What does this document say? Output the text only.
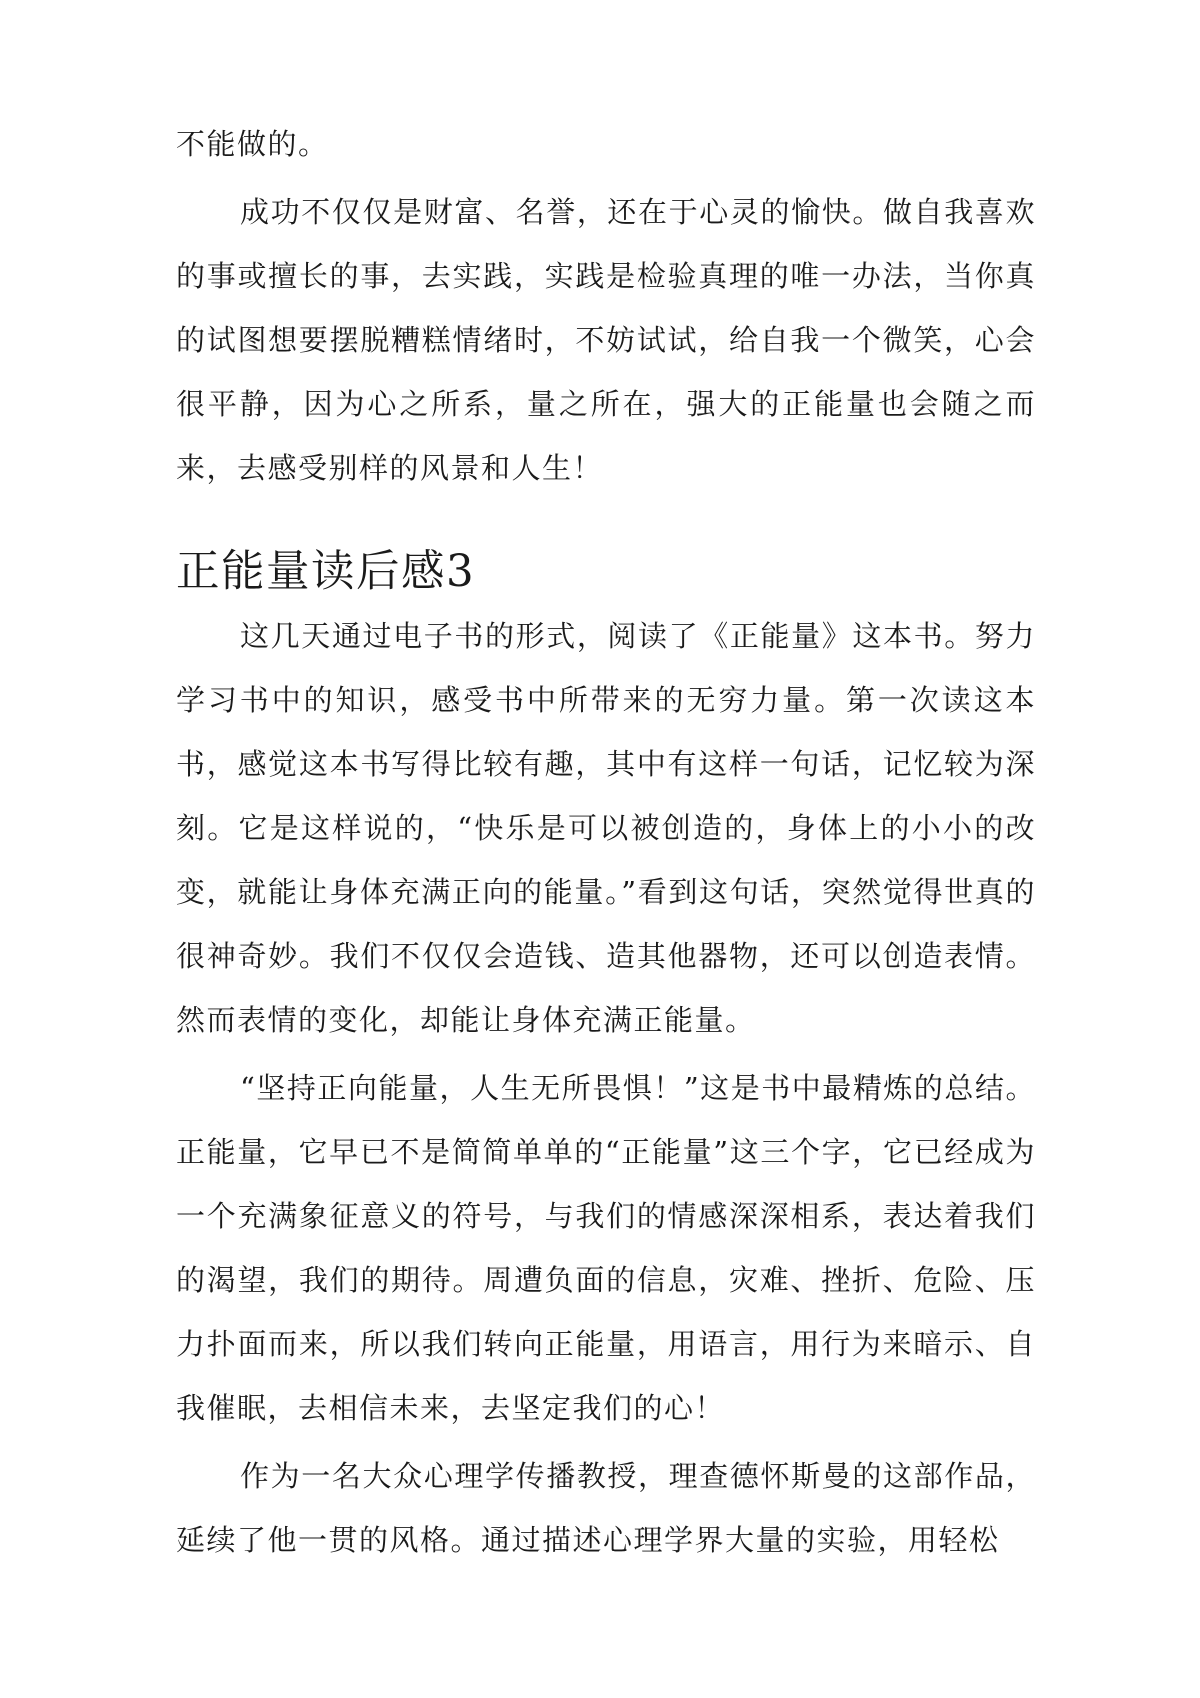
不能做的。

成功不仅仅是财富、名誉，还在于心灵的愉快。做自我喜欢的事或擅长的事，去实践，实践是检验真理的唯一办法，当你真的试图想要摆脱糟糕情绪时，不妨试试，给自我一个微笑，心会很平静，因为心之所系，量之所在，强大的正能量也会随之而来，去感受别样的风景和人生！

正能量读后感3

这几天通过电子书的形式，阅读了《正能量》这本书。努力学习书中的知识，感受书中所带来的无穷力量。第一次读这本书，感觉这本书写得比较有趣，其中有这样一句话，记忆较为深刻。它是这样说的，“快乐是可以被创造的，身体上的小小的改变，就能让身体充满正向的能量。”看到这句话，突然觉得世真的很神奇妙。我们不仅仅会造钱、造其他器物，还可以创造表情。然而表情的变化，却能让身体充满正能量。

“坚持正向能量，人生无所畏惧！”这是书中最精炼的总结。正能量，它早已不是简简单单的“正能量”这三个字，它已经成为一个充满象征意义的符号，与我们的情感深深相系，表达着我们的渴望，我们的期待。周遭负面的信息，灾难、挫折、危险、压力扑面而来，所以我们转向正能量，用语言，用行为来暗示、自我催眠，去相信未来，去坚定我们的心！

作为一名大众心理学传播教授，理查德怀斯曼的这部作品，延续了他一贯的风格。通过描述心理学界大量的实验，用轻松
